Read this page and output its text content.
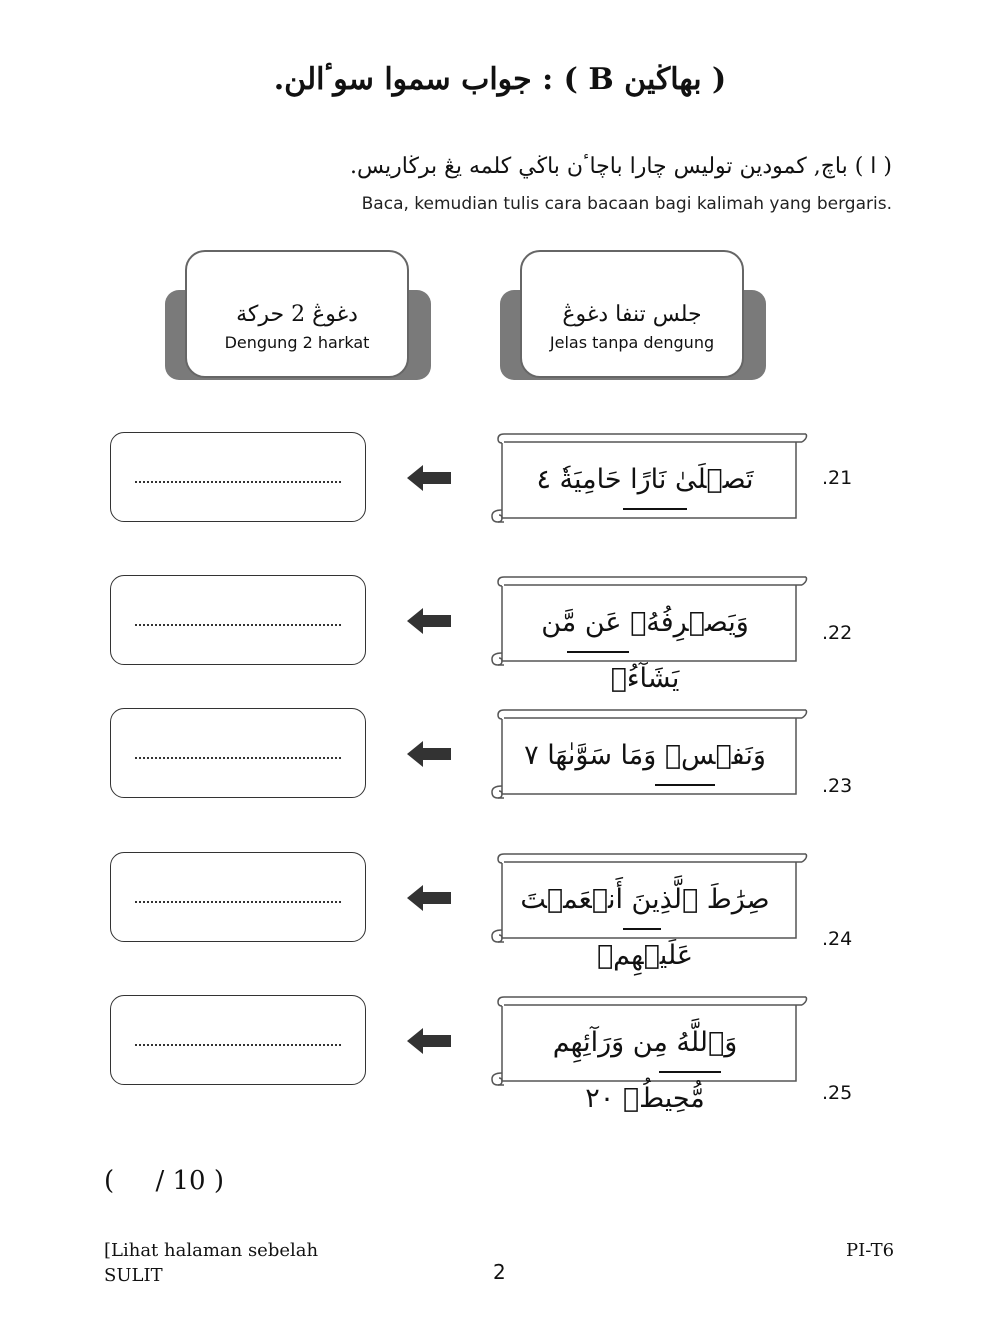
( بهاڬين B ) : جواب سموا سوٴالن.
( ا ) باچ, كمودين توليس چارا باچاٴن باڬي كلمه يڠ برڬاريس.
Baca, kemudian tulis cara bacaan bagi kalimah yang bergaris.
دغوڠ 2 حركة
Dengung 2 harkat
جلس تنفا دغوڠ
Jelas tanpa dengung
تَصۡلَىٰ نَارًا حَامِيَةٗ ٤	.21
وَيَصۡرِفُهُۥ عَن مَّن يَشَآءُۖ
.22
وَنَفۡسٖ وَمَا سَوَّىٰهَا ٧
.23
صِرَٰطَ ٱلَّذِينَ أَنۡعَمۡتَ عَلَيۡهِمۡ
.24
وَٱللَّهُ مِن وَرَآئِهِم مُّحِيطُۢ ٢٠	.25
(     / 10 )
[Lihat halaman sebelah
SULIT	2
PI-T6
